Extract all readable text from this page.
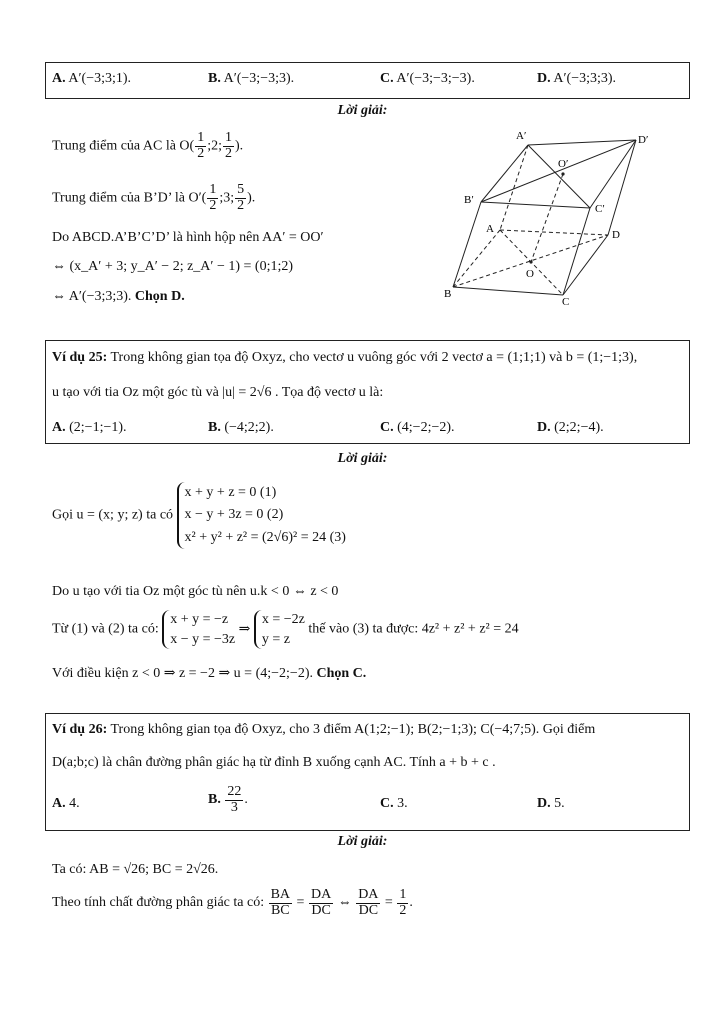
A. A′(−3;3;1).	B. A′(−3;−3;3).	C. A′(−3;−3;−3).	D. A′(−3;3;3).
Lời giải:
Trung điểm của AC là $O( \frac{1}{2}$ ;2; $\frac{1}{2}$ ).
Trung điểm của B’D’ là $O'( \frac{1}{2}$ ;3; $\frac{5}{2}$ ).
Do ABCD.A’B’C’D’ là hình hộp nên AA′ = OO′
⇔ (x_A′ + 3; y_A′ − 2; z_A′ − 1) = (0;1;2)
⇔ A′(−3;3;3). Chọn D.
A′	D′
O′
B′
C′
A	D
O
B
C
Ví dụ 25: Trong không gian tọa độ Oxyz, cho vectơ u vuông góc với 2 vectơ a = (1;1;1) và b = (1;−1;3),
u tạo với tia Oz một góc tù và |u| = 2√6 . Tọa độ vectơ u là:
A. (2;−1;−1).	B. (−4;2;2).	C. (4;−2;−2).	D. (2;2;−4).
Lời giải:
Gọi u = (x; y; z) ta có
x + y + z = 0 (1)
x − y + 3z = 0 (2)
x² + y² + z² = (2√6)² = 24 (3)
Do u tạo với tia Oz một góc tù nên u.k < 0 ⇔ z < 0
Từ (1) và (2) ta có:
x + y = −z
x − y = −3z
⇒
x = −2z
y = z
thế vào (3) ta được: 4z² + z² + z² = 24
Với điều kiện z < 0 ⇒ z = −2 ⇒ u = (4;−2;−2). Chọn C.
Ví dụ 26: Trong không gian tọa độ Oxyz, cho 3 điểm A(1;2;−1); B(2;−1;3); C(−4;7;5). Gọi điểm
D(a;b;c) là chân đường phân giác hạ từ đỉnh B xuống cạnh AC. Tính a + b + c .
A. 4.	B. $\frac{22}{3}$ .	C. 3.	D. 5.
Lời giải:
Ta có: AB = √26; BC = 2√26.
Theo tính chất đường phân giác ta có: $\frac{BA}{BC} = \frac{DA}{DC}$ ⇔ $\frac{DA}{DC} = \frac{1}{2}$ .
